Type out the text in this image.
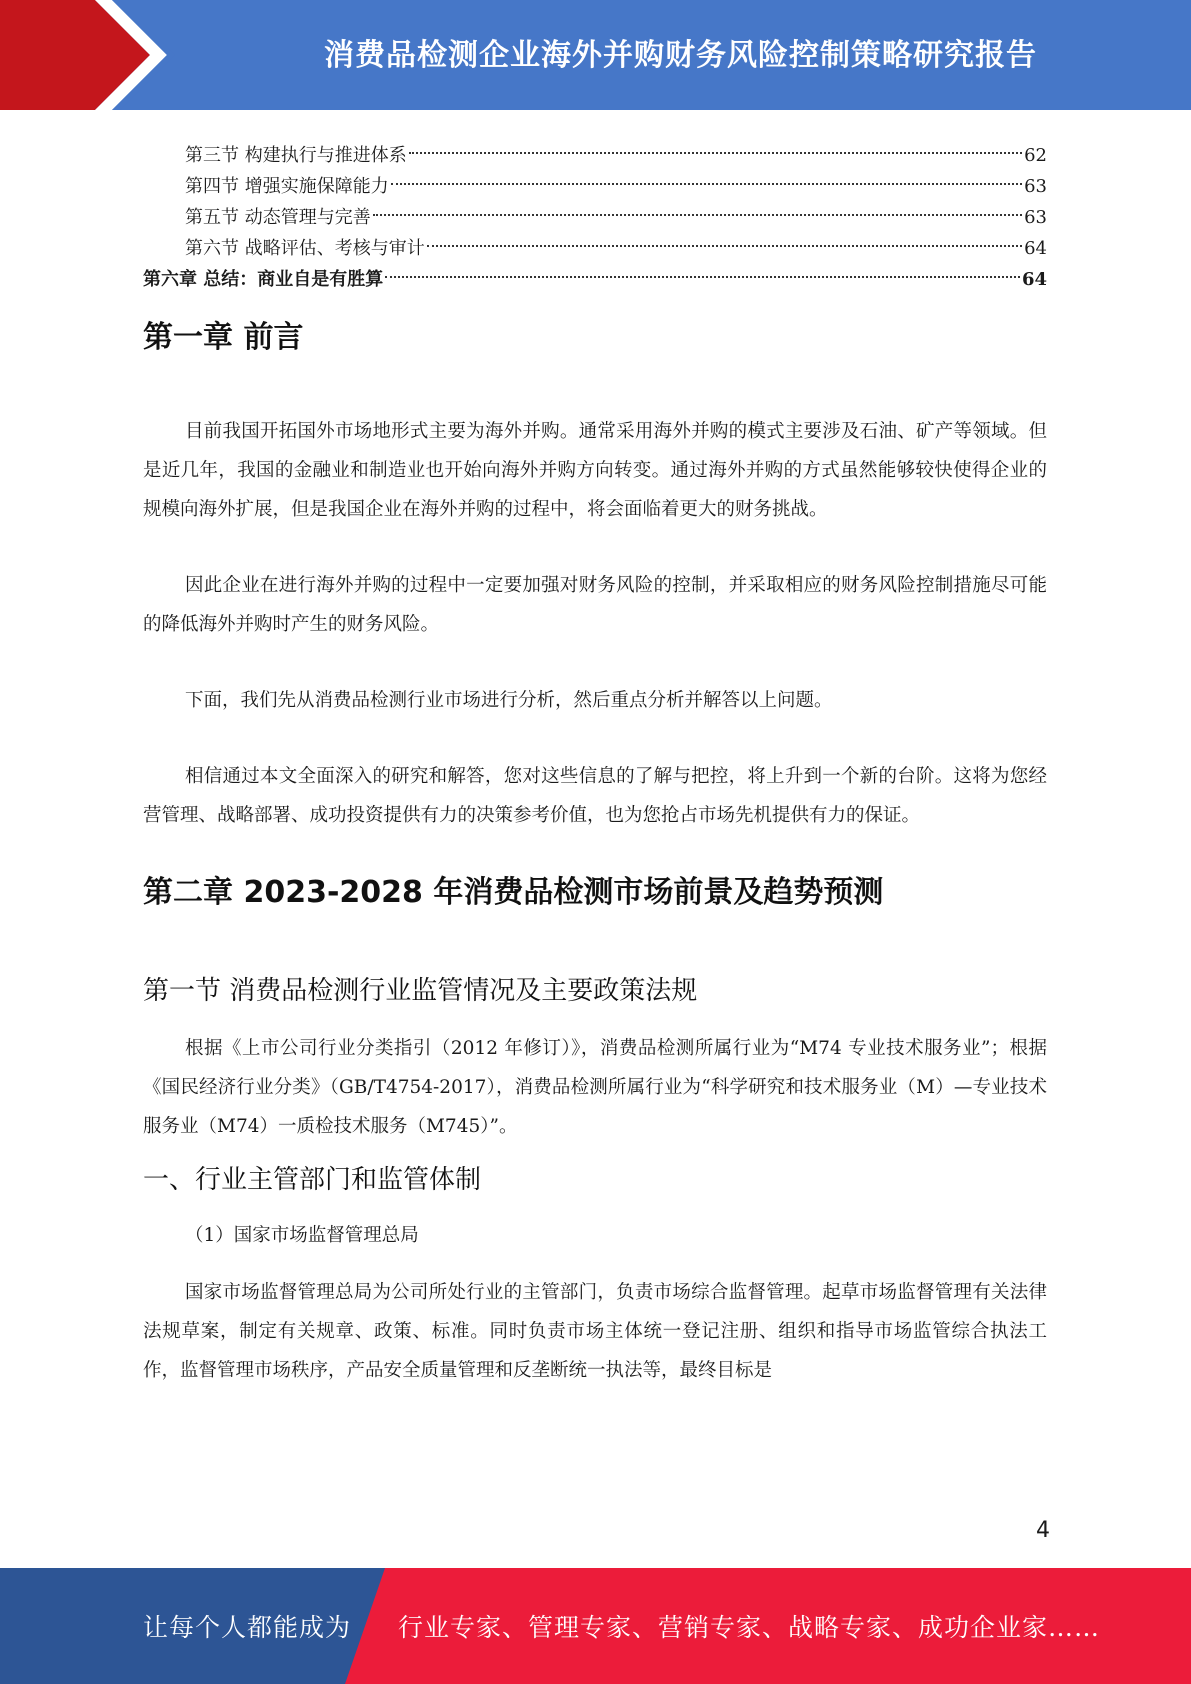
消费品检测企业海外并购财务风险控制策略研究报告
第三节 构建执行与推进体系	62
第四节 增强实施保障能力	63
第五节 动态管理与完善	63
第六节 战略评估、考核与审计	64
第六章 总结：商业自是有胜算	64
第一章 前言

目前我国开拓国外市场地形式主要为海外并购。通常采用海外并购的模式主要涉及石油、矿产等领域。但是近几年，我国的金融业和制造业也开始向海外并购方向转变。通过海外并购的方式虽然能够较快使得企业的规模向海外扩展，但是我国企业在海外并购的过程中，将会面临着更大的财务挑战。

因此企业在进行海外并购的过程中一定要加强对财务风险的控制，并采取相应的财务风险控制措施尽可能的降低海外并购时产生的财务风险。

下面，我们先从消费品检测行业市场进行分析，然后重点分析并解答以上问题。

相信通过本文全面深入的研究和解答，您对这些信息的了解与把控，将上升到一个新的台阶。这将为您经营管理、战略部署、成功投资提供有力的决策参考价值，也为您抢占市场先机提供有力的保证。

第二章 2023-2028 年消费品检测市场前景及趋势预测
第一节 消费品检测行业监管情况及主要政策法规

根据《上市公司行业分类指引（2012 年修订）》，消费品检测所属行业为“M74 专业技术服务业”；根据《国民经济行业分类》（GB/T4754-2017），消费品检测所属行业为“科学研究和技术服务业（M）—专业技术服务业（M74）一质检技术服务（M745）”。

一、行业主管部门和监管体制

（1）国家市场监督管理总局

国家市场监督管理总局为公司所处行业的主管部门，负责市场综合监督管理。起草市场监督管理有关法律法规草案，制定有关规章、政策、标准。同时负责市场主体统一登记注册、组织和指导市场监管综合执法工作，监督管理市场秩序，产品安全质量管理和反垄断统一执法等，最终目标是

4
让每个人都能成为 行业专家、管理专家、营销专家、战略专家、成功企业家……
